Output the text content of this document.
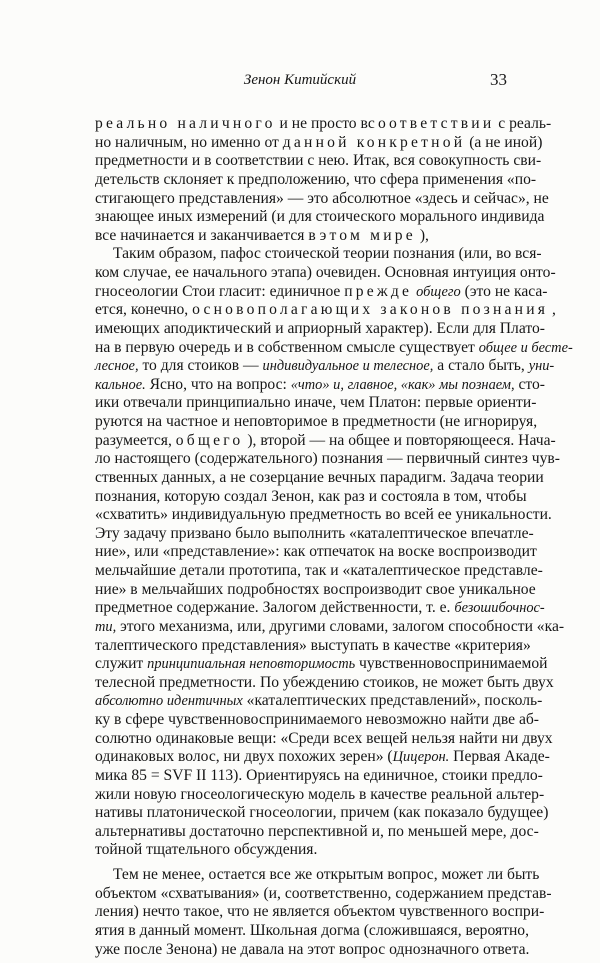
Зенон Китийский	33
реально наличного и не просто всоответствии с реаль-
но наличным, но именно от данной конкретной (а не иной)
предметности и в соответствии с нею. Итак, вся совокупность сви-
детельств склоняет к предположению, что сфера применения «по-
стигающего представления» — это абсолютное «здесь и сейчас», не
знающее иных измерений (и для стоического морального индивида
все начинается и заканчивается в этом мире ),
Таким образом, пафос стоической теории познания (или, во вся-
ком случае, ее начального этапа) очевиден. Основная интуиция онто-
гносеологии Стои гласит: единичное прежде общего (это не каса-
ется, конечно, основополагающих законов познания ,
имеющих аподиктический и априорный характер). Если для Плато-
на в первую очередь и в собственном смысле существует общее и бесте-
лесное, то для стоиков — индивидуальное и телесное, а стало быть, уни-
кальное. Ясно, что на вопрос: «что» и, главное, «как» мы познаем, сто-
ики отвечали принципиально иначе, чем Платон: первые ориенти-
руются на частное и неповторимое в предметности (не игнорируя,
разумеется, общего ), второй — на общее и повторяющееся. Нача-
ло настоящего (содержательного) познания — первичный синтез чув-
ственных данных, а не созерцание вечных парадигм. Задача теории
познания, которую создал Зенон, как раз и состояла в том, чтобы
«схватить» индивидуальную предметность во всей ее уникальности.
Эту задачу призвано было выполнить «каталептическое впечатле-
ние», или «представление»: как отпечаток на воске воспроизводит
мельчайшие детали прототипа, так и «каталептическое представле-
ние» в мельчайших подробностях воспроизводит свое уникальное
предметное содержание. Залогом действенности, т. е. безошибочнос-
ти, этого механизма, или, другими словами, залогом способности «ка-
талептического представления» выступать в качестве «критерия»
служит принципиальная неповторимость чувственновоспринимаемой
телесной предметности. По убеждению стоиков, не может быть двух
абсолютно идентичных «каталептических представлений», посколь-
ку в сфере чувственновоспринимаемого невозможно найти две аб-
солютно одинаковые вещи: «Среди всех вещей нельзя найти ни двух
одинаковых волос, ни двух похожих зерен» (Цицерон. Первая Акаде-
мика 85 = SVF II 113). Ориентируясь на единичное, стоики предло-
жили новую гносеологическую модель в качестве реальной альтер-
нативы платонической гносеологии, причем (как показало будущее)
альтернативы достаточно перспективной и, по меньшей мере, дос-
тойной тщательного обсуждения.
Тем не менее, остается все же открытым вопрос, может ли быть
объектом «схватывания» (и, соответственно, содержанием представ-
ления) нечто такое, что не является объектом чувственного воспри-
ятия в данный момент. Школьная догма (сложившаяся, вероятно,
уже после Зенона) не давала на этот вопрос однозначного ответа.
